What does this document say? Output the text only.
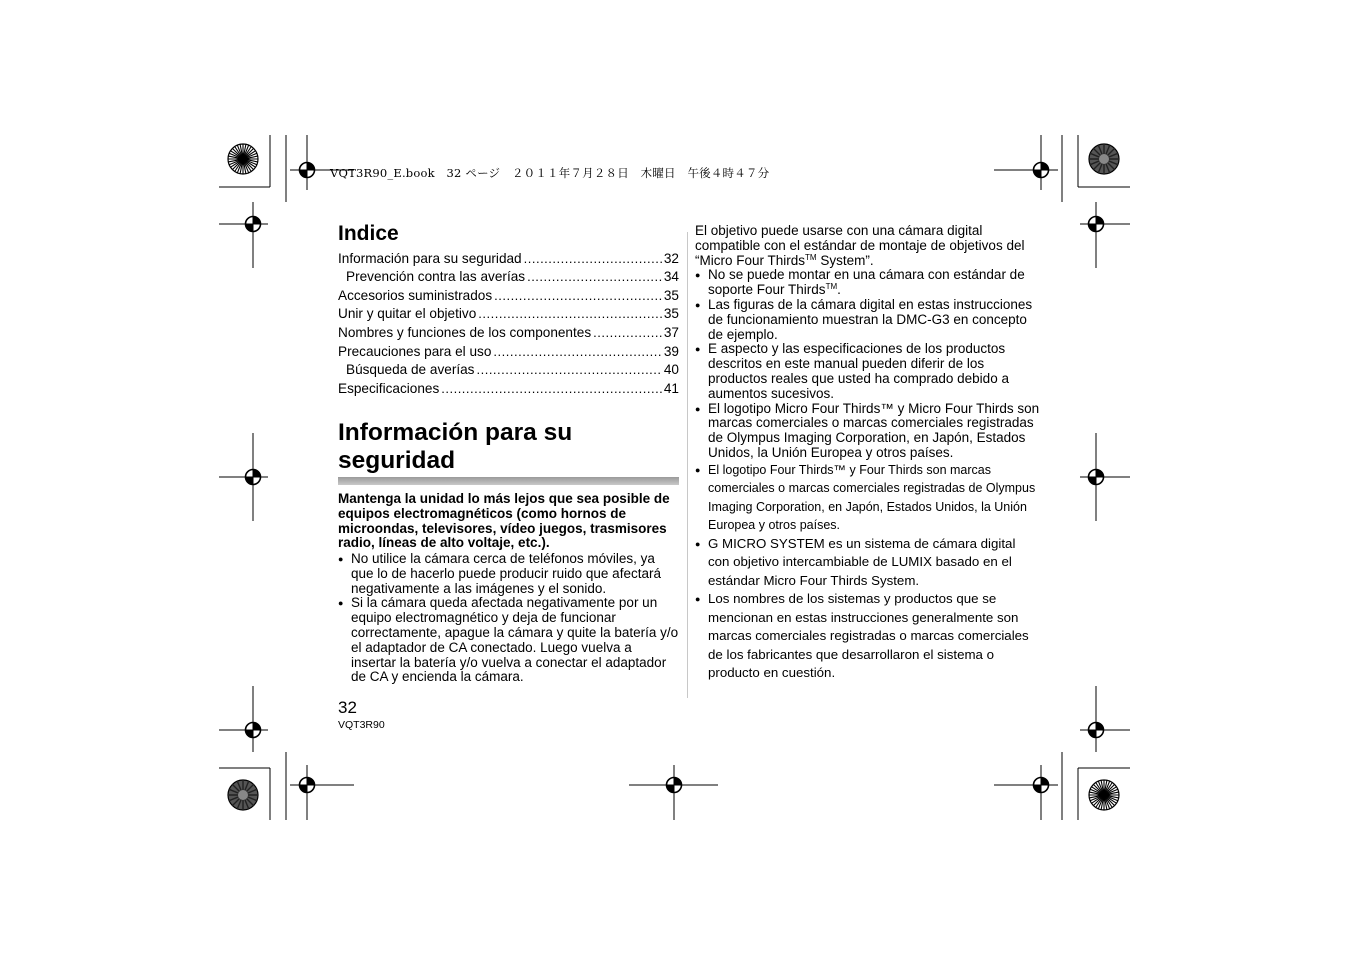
VQT3R90_E.book　32 ページ　２０１１年７月２８日　木曜日　午後４時４７分
Indice
Información para su seguridad .....	32
Prevención contra las averías .....	34
Accesorios suministrados .....	35
Unir y quitar el objetivo .....	35
Nombres y funciones de los componentes .....	37
Precauciones para el uso .....	39
Búsqueda de averías .....	40
Especificaciones .....	41
Información para su
seguridad
Mantenga la unidad lo más lejos que sea posible de equipos electromagnéticos (como hornos de microondas, televisores, vídeo juegos, trasmisores radio, líneas de alto voltaje, etc.).
● No utilice la cámara cerca de teléfonos móviles, ya que lo de hacerlo puede producir ruido que afectará negativamente a las imágenes y el sonido.
● Si la cámara queda afectada negativamente por un equipo electromagnético y deja de funcionar correctamente, apague la cámara y quite la batería y/o el adaptador de CA conectado. Luego vuelva a insertar la batería y/o vuelva a conectar el adaptador de CA y encienda la cámara.
32
VQT3R90
El objetivo puede usarse con una cámara digital compatible con el estándar de montaje de objetivos del “Micro Four Thirds™ System”.
● No se puede montar en una cámara con estándar de soporte Four Thirds™.
● Las figuras de la cámara digital en estas instrucciones de funcionamiento muestran la DMC-G3 en concepto de ejemplo.
● E aspecto y las especificaciones de los productos descritos en este manual pueden diferir de los productos reales que usted ha comprado debido a aumentos sucesivos.
● El logotipo Micro Four Thirds™ y Micro Four Thirds son marcas comerciales o marcas comerciales registradas de Olympus Imaging Corporation, en Japón, Estados Unidos, la Unión Europea y otros países.
● El logotipo Four Thirds™ y Four Thirds son marcas comerciales o marcas comerciales registradas de Olympus Imaging Corporation, en Japón, Estados Unidos, la Unión Europea y otros países.
● G MICRO SYSTEM es un sistema de cámara digital con objetivo intercambiable de LUMIX basado en el estándar Micro Four Thirds System.
● Los nombres de los sistemas y productos que se mencionan en estas instrucciones generalmente son marcas comerciales registradas o marcas comerciales de los fabricantes que desarrollaron el sistema o producto en cuestión.
